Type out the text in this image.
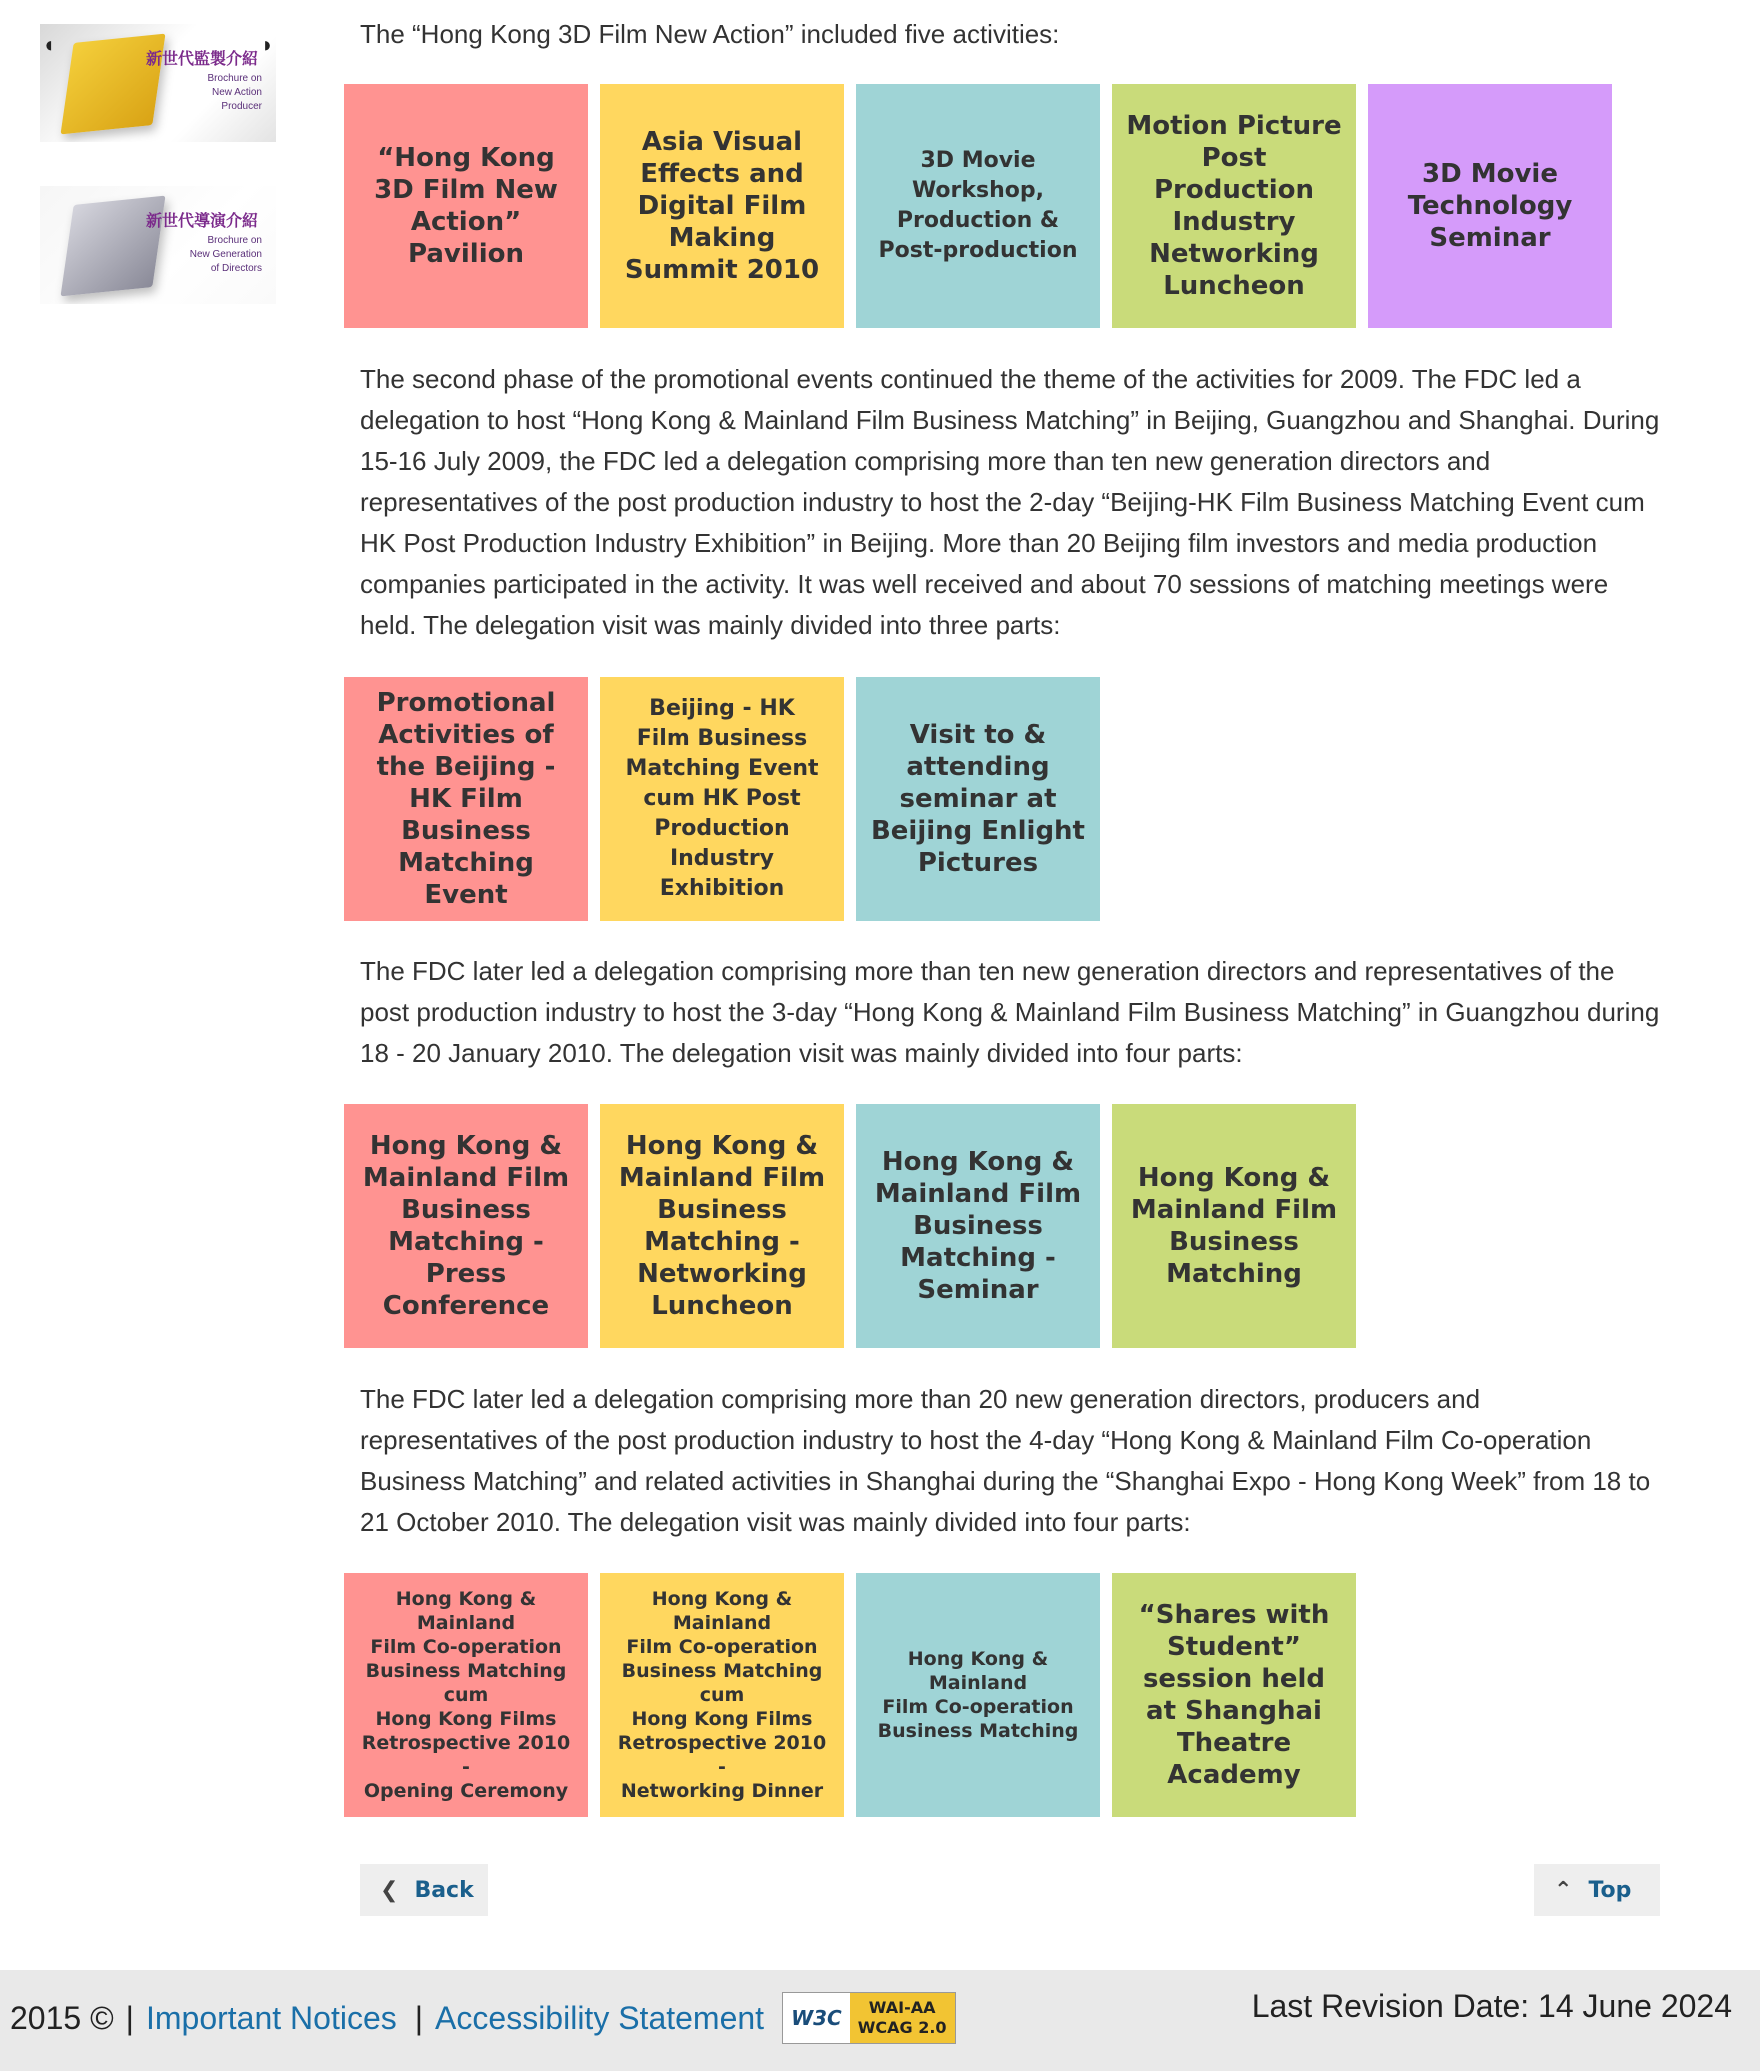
◖	◗
新世代監製介紹
Brochure on
New Action
Producer
新世代導演介紹
Brochure on
New Generation
of Directors

The “Hong Kong 3D Film New Action” included five activities:

“Hong Kong
3D Film New
Action”
Pavilion
Asia Visual
Effects and
Digital Film
Making
Summit 2010
3D Movie
Workshop,
Production &
Post-production
Motion Picture
Post
Production
Industry
Networking
Luncheon
3D Movie
Technology
Seminar

The second phase of the promotional events continued the theme of the activities for 2009. The FDC led a delegation to host “Hong Kong & Mainland Film Business Matching” in Beijing, Guangzhou and Shanghai. During 15-16 July 2009, the FDC led a delegation comprising more than ten new generation directors and representatives of the post production industry to host the 2-day “Beijing-HK Film Business Matching Event cum HK Post Production Industry Exhibition” in Beijing. More than 20 Beijing film investors and media production companies participated in the activity. It was well received and about 70 sessions of matching meetings were held. The delegation visit was mainly divided into three parts:

Promotional
Activities of
the Beijing -
HK Film
Business
Matching
Event
Beijing - HK
Film Business
Matching Event
cum HK Post
Production
Industry
Exhibition
Visit to &
attending
seminar at
Beijing Enlight
Pictures

The FDC later led a delegation comprising more than ten new generation directors and representatives of the post production industry to host the 3-day “Hong Kong & Mainland Film Business Matching” in Guangzhou during 18 - 20 January 2010. The delegation visit was mainly divided into four parts:

Hong Kong &
Mainland Film
Business
Matching -
Press
Conference
Hong Kong &
Mainland Film
Business
Matching -
Networking
Luncheon
Hong Kong &
Mainland Film
Business
Matching -
Seminar
Hong Kong &
Mainland Film
Business
Matching

The FDC later led a delegation comprising more than 20 new generation directors, producers and representatives of the post production industry to host the 4-day “Hong Kong & Mainland Film Co-operation Business Matching” and related activities in Shanghai during the “Shanghai Expo - Hong Kong Week” from 18 to 21 October 2010. The delegation visit was mainly divided into four parts:

Hong Kong &
Mainland
Film Co-operation
Business Matching
cum
Hong Kong Films
Retrospective 2010
-
Opening Ceremony
Hong Kong &
Mainland
Film Co-operation
Business Matching
cum
Hong Kong Films
Retrospective 2010
-
Networking Dinner
Hong Kong &
Mainland
Film Co-operation
Business Matching
“Shares with
Student”
session held
at Shanghai
Theatre
Academy
❮ Back	⌃ Top
2015 © | Important Notices | Accessibility Statement	W3C	WAI-AA
WCAG 2.0
Last Revision Date: 14 June 2024
